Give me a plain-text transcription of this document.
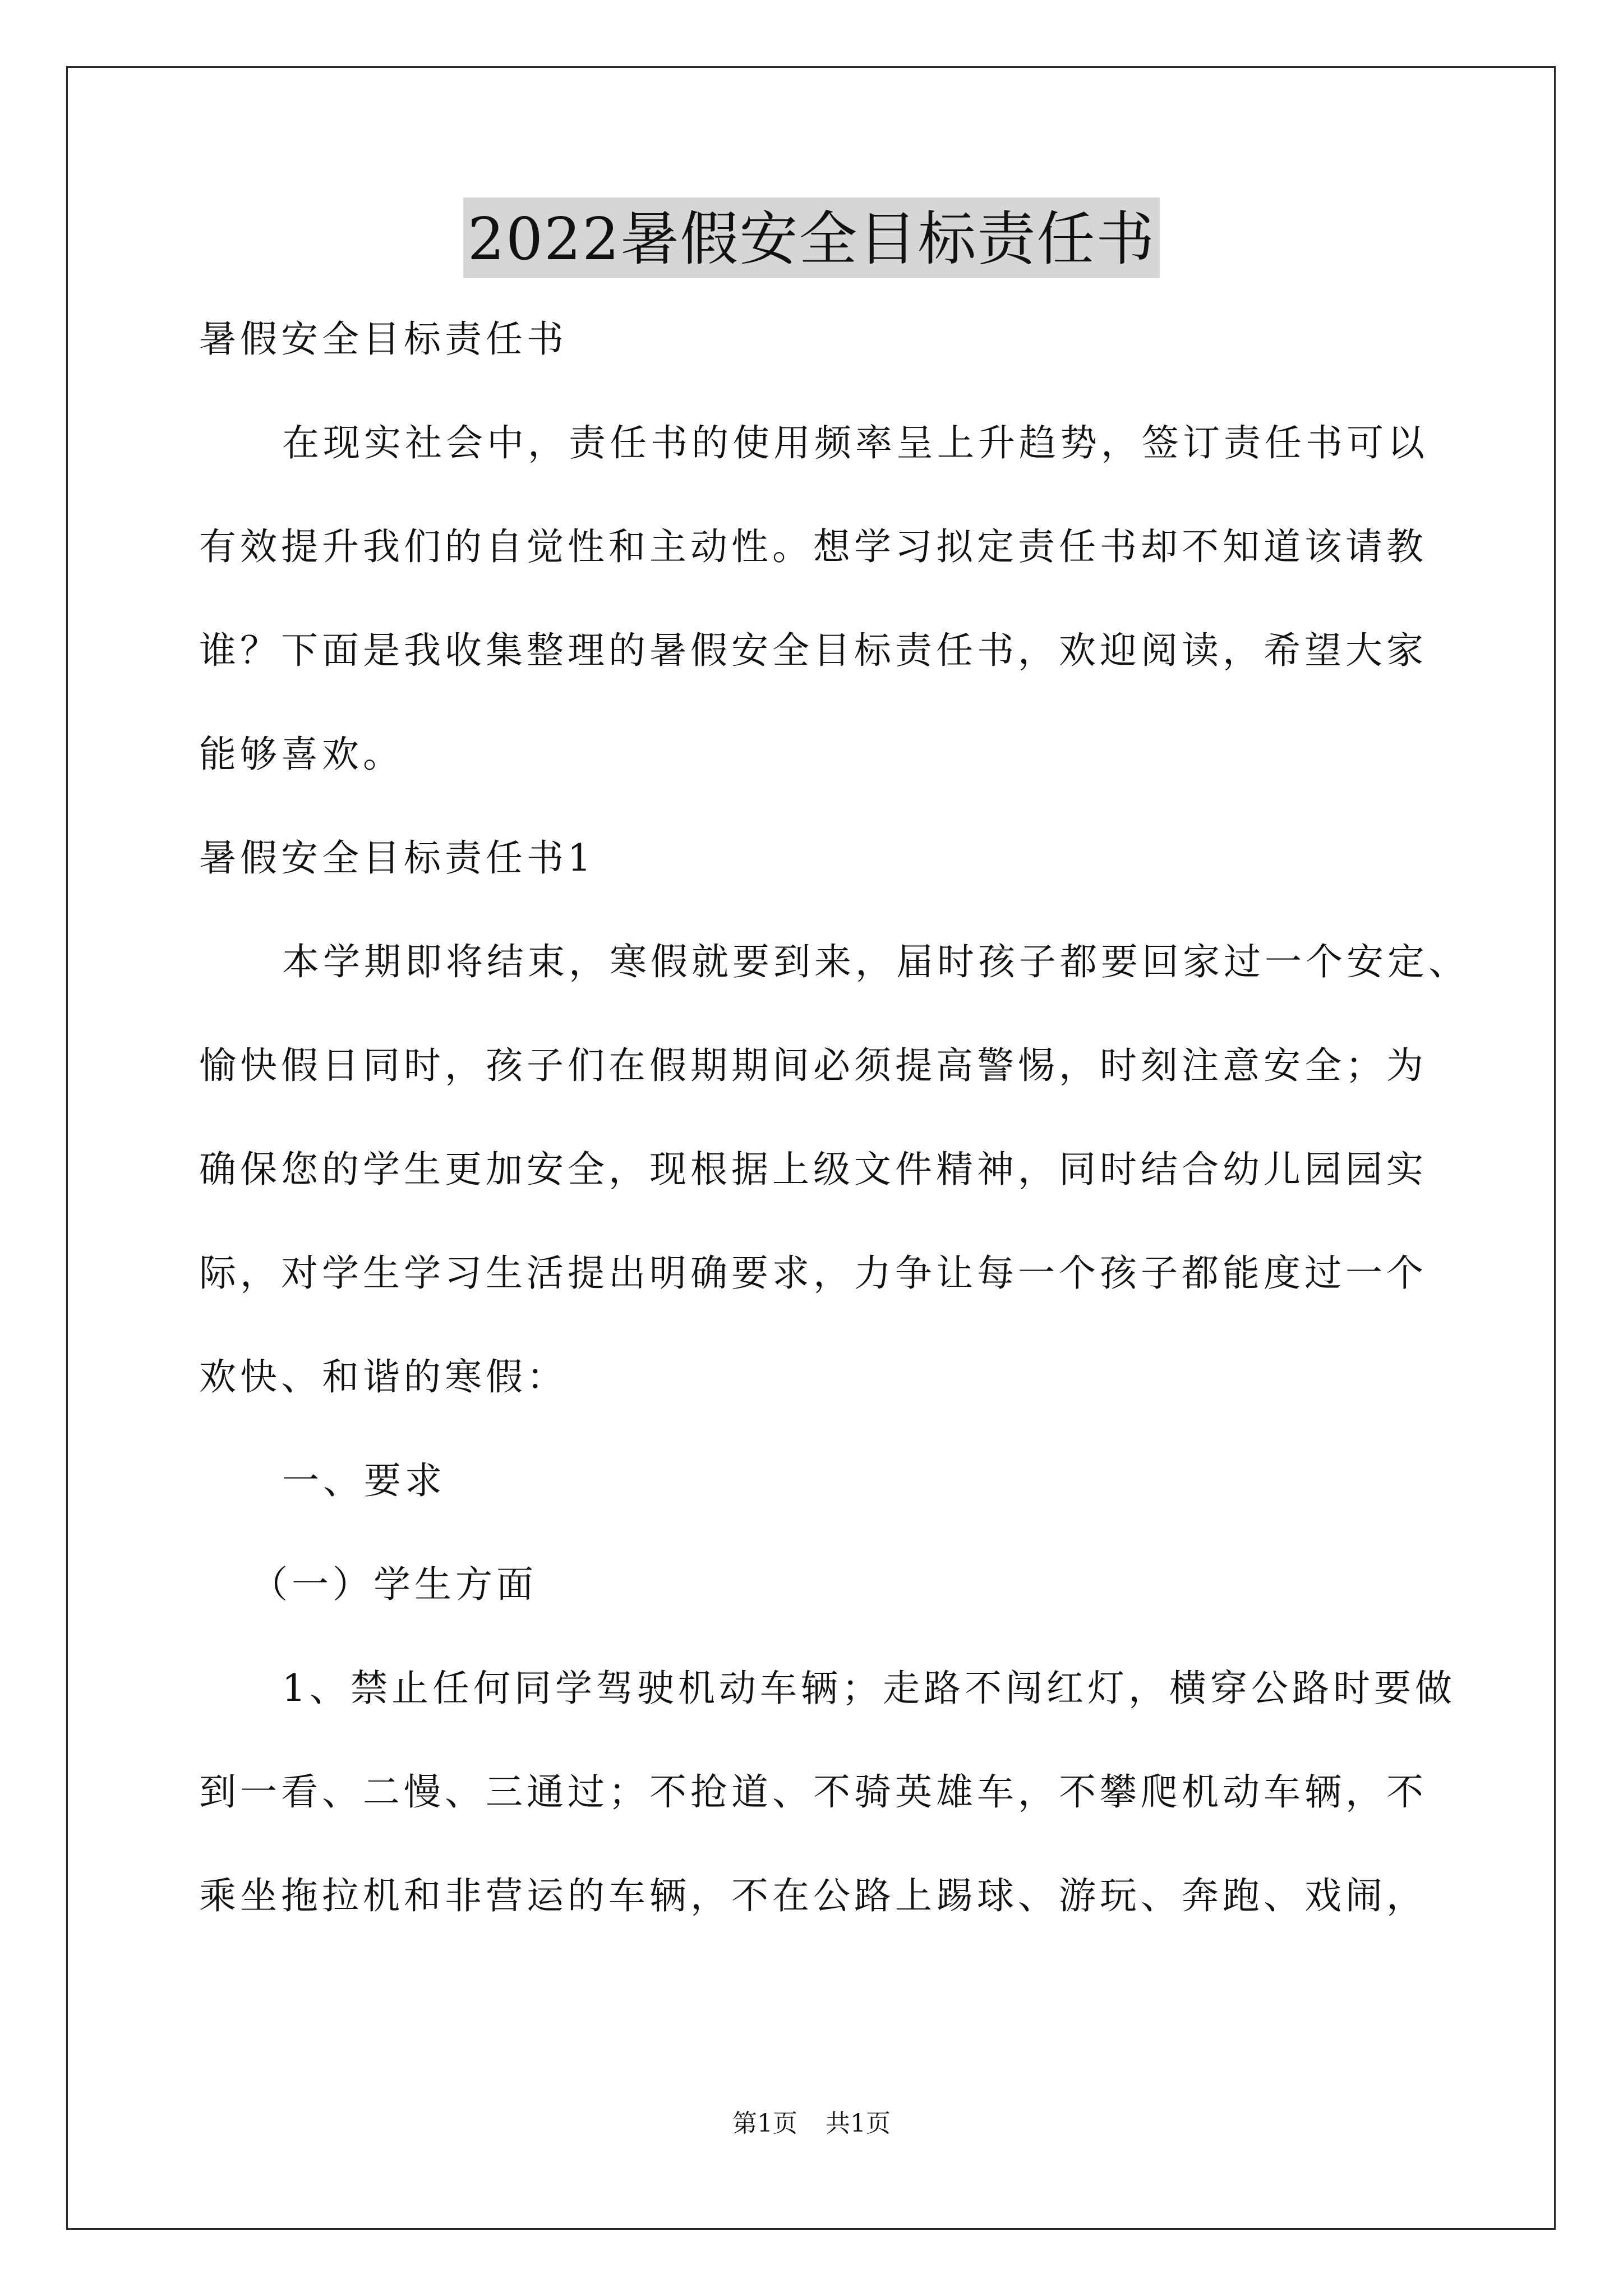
2022暑假安全目标责任书
暑假安全目标责任书
在现实社会中，责任书的使用频率呈上升趋势，签订责任书可以
有效提升我们的自觉性和主动性。想学习拟定责任书却不知道该请教
谁？下面是我收集整理的暑假安全目标责任书，欢迎阅读，希望大家
能够喜欢。
暑假安全目标责任书1
本学期即将结束，寒假就要到来，届时孩子都要回家过一个安定、
愉快假日同时，孩子们在假期期间必须提高警惕，时刻注意安全；为
确保您的学生更加安全，现根据上级文件精神，同时结合幼儿园园实
际，对学生学习生活提出明确要求，力争让每一个孩子都能度过一个
欢快、和谐的寒假：
一、要求
（一）学生方面
1、禁止任何同学驾驶机动车辆；走路不闯红灯，横穿公路时要做
到一看、二慢、三通过；不抢道、不骑英雄车，不攀爬机动车辆，不
乘坐拖拉机和非营运的车辆，不在公路上踢球、游玩、奔跑、戏闹，
第1页 共1页
